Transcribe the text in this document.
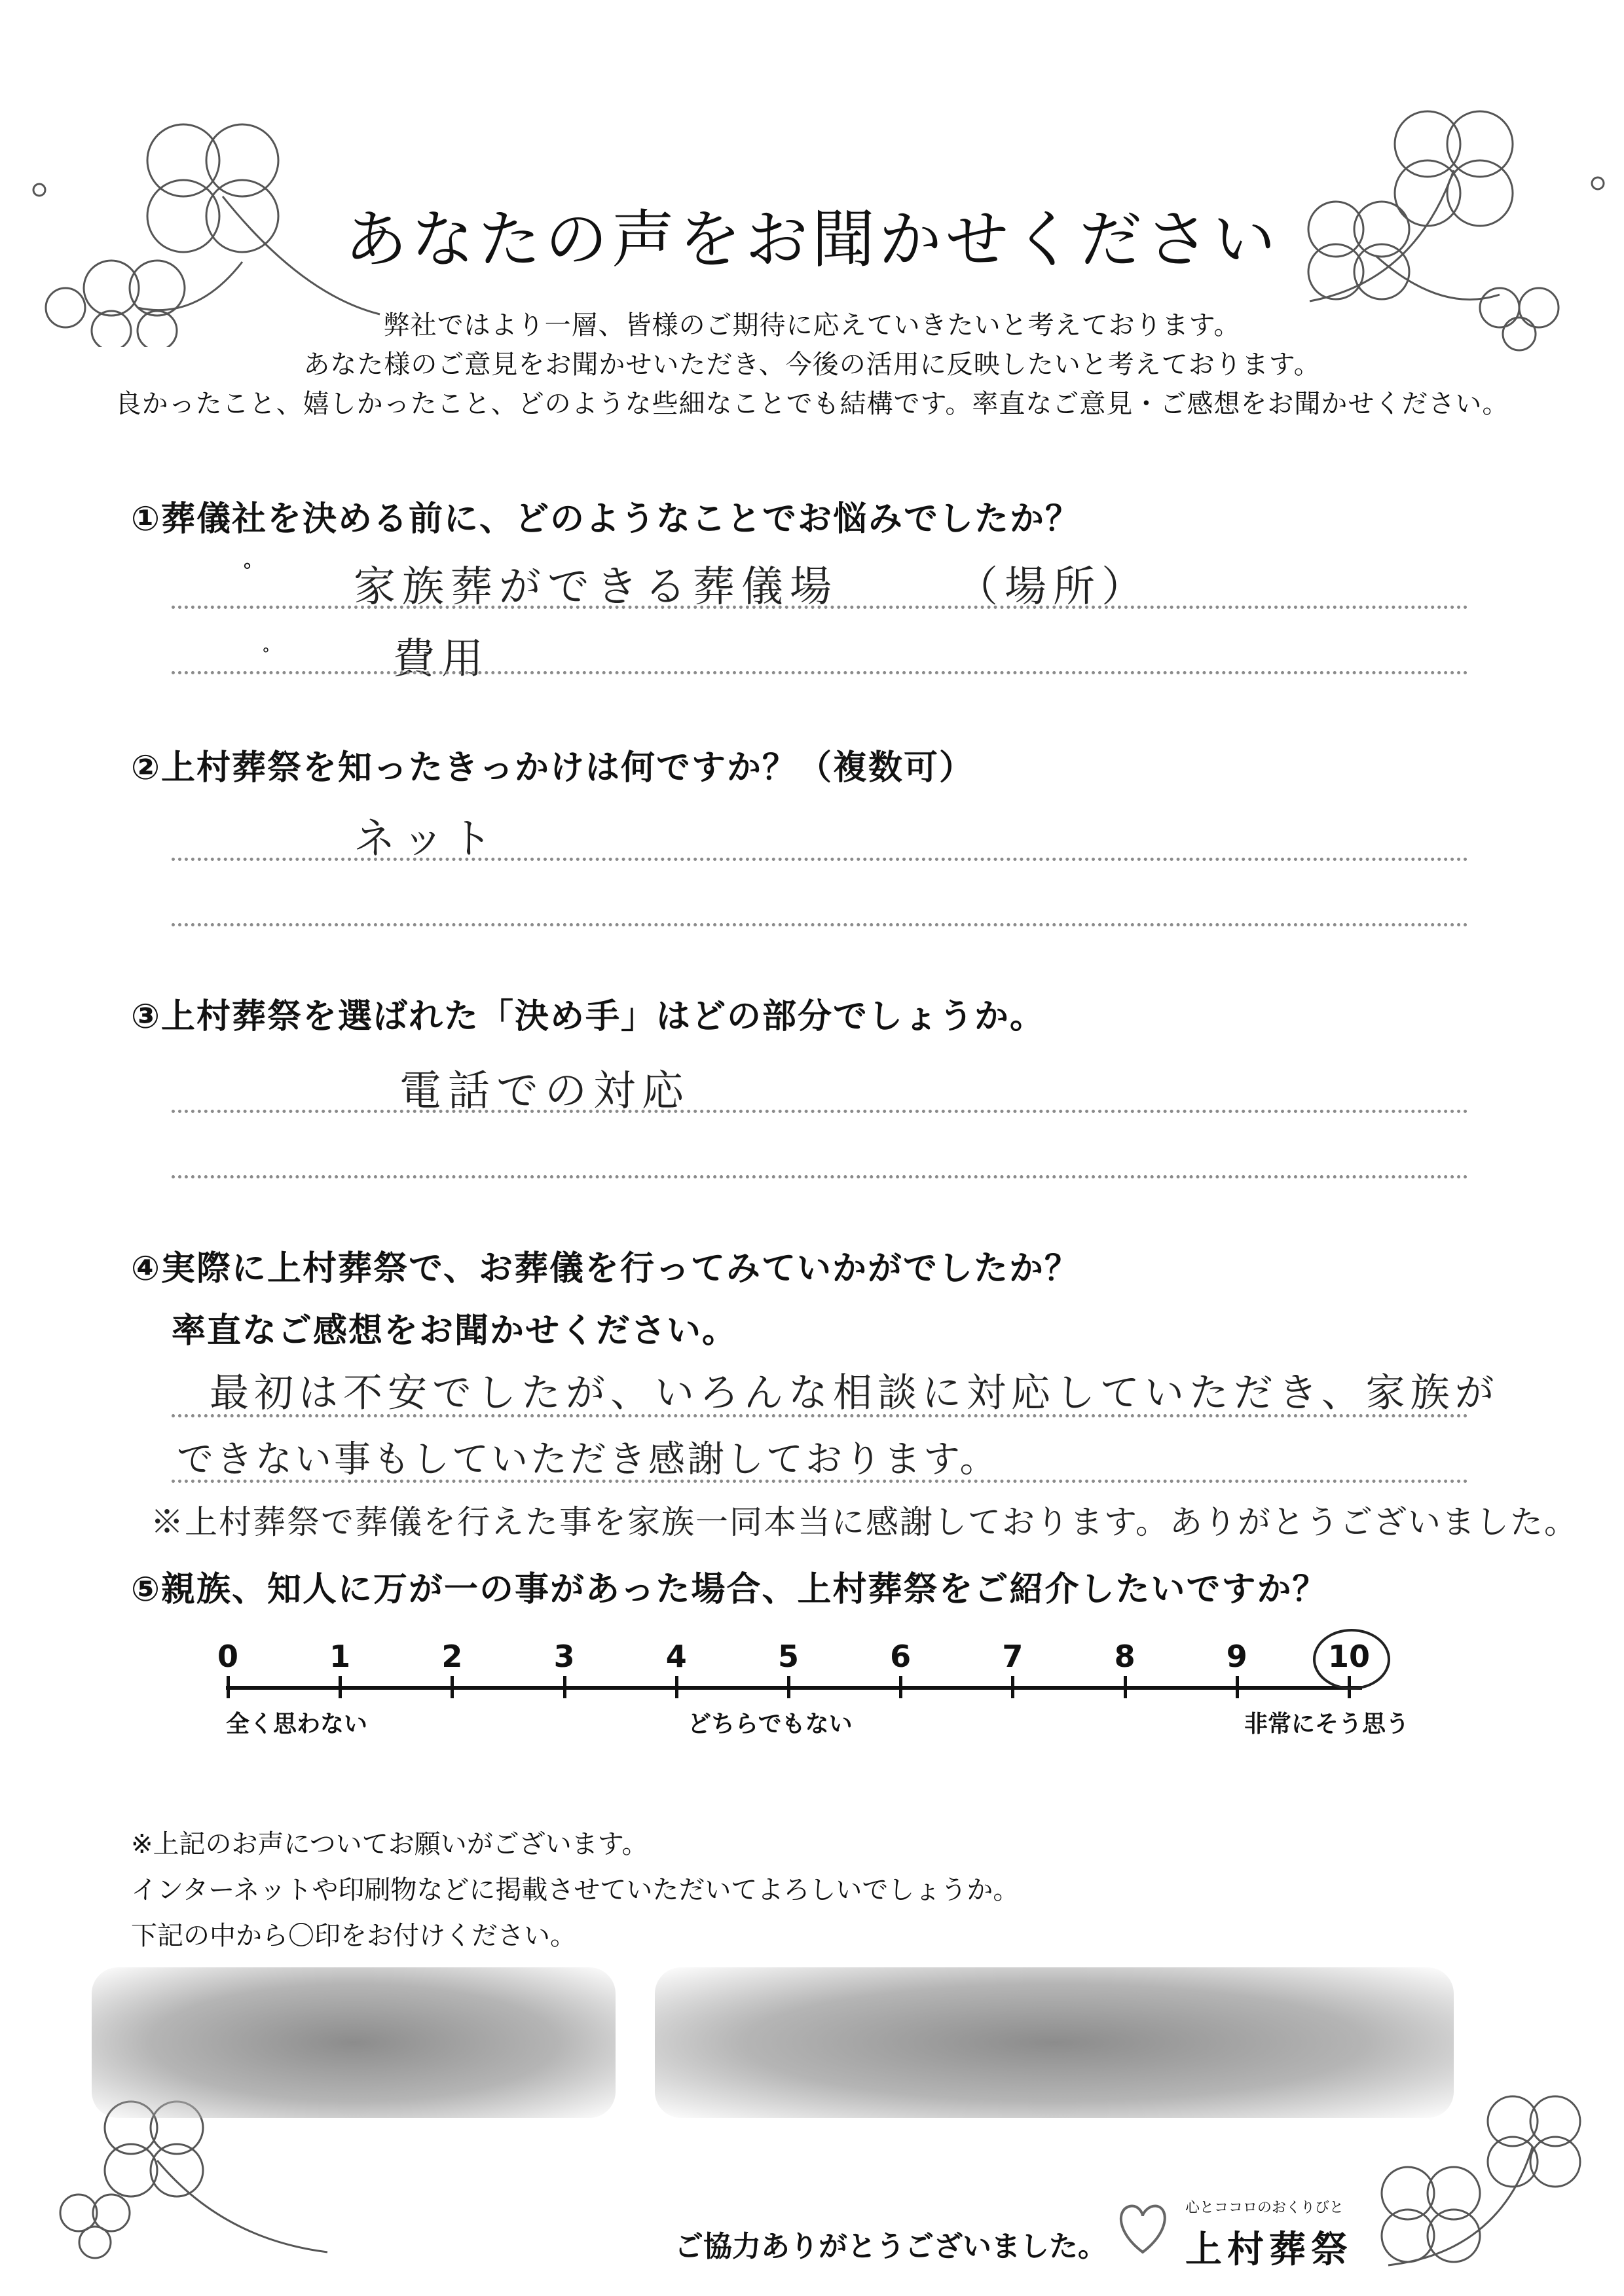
あなたの声をお聞かせください
弊社ではより一層、皆様のご期待に応えていきたいと考えております。
あなた様のご意見をお聞かせいただき、今後の活用に反映したいと考えております。
良かったこと、嬉しかったこと、どのような些細なことでも結構です。率直なご意見・ご感想をお聞かせください。
①葬儀社を決める前に、どのようなことでお悩みでしたか？
° 家族葬ができる葬儀場	（場所）
°	費用
②上村葬祭を知ったきっかけは何ですか？（複数可）
ネット
③上村葬祭を選ばれた「決め手」はどの部分でしょうか。
電話での対応
④実際に上村葬祭で、お葬儀を行ってみていかがでしたか？
率直なご感想をお聞かせください。
最初は不安でしたが、いろんな相談に対応していただき、家族が
できない事もしていただき感謝しております。
※上村葬祭で葬儀を行えた事を家族一同本当に感謝しております。ありがとうございました。
⑤親族、知人に万が一の事があった場合、上村葬祭をご紹介したいですか？
0	1	2	3	4	5	6	7	8	9	10
全く思わない	どちらでもない	非常にそう思う
※上記のお声についてお願いがございます。
インターネットや印刷物などに掲載させていただいてよろしいでしょうか。
下記の中から〇印をお付けください。
ご協力ありがとうございました。
心とココロのおくりびと
上村葬祭
